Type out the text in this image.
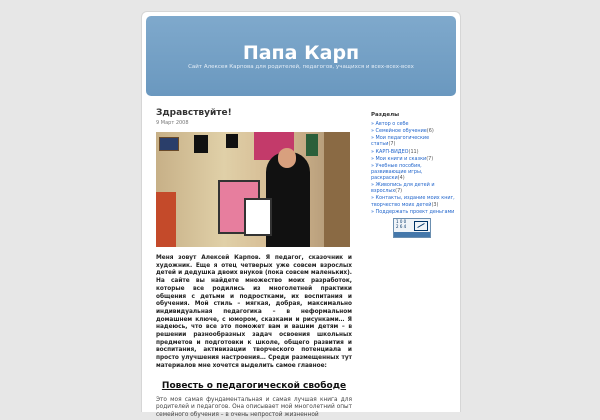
Папа Карп
Сайт Алексея Карпова для родителей, педагогов, учащихся и всех-всех-всех
Здравствуйте!
9 Март 2008
Меня зовут Алексей Карпов. Я педагог, сказочник и художник. Еще я отец четверых уже совсем взрослых детей и дедушка двоих внуков (пока совсем маленьких). На сайте вы найдете множество моих разработок, которые все родились из многолетней практики общения с детьми и подростками, их воспитания и обучения. Мой стиль – мягкая, добрая, максимально индивидуальная педагогика – в неформальном домашнем ключе, с юмором, сказками и рисунками… Я надеюсь, что все это поможет вам и вашим детям – в решении разнообразных задач освоения школьных предметов и подготовки к школе, общего развития и воспитания, активизации творческого потенциала и просто улучшения настроения… Среди размещенных тут материалов мне хочется выделить самое главное:
Повесть о педагогической свободе
Это моя самая фундаментальная и самая лучшая книга для родителей и педагогов. Она описывает мой многолетний опыт семейного обучения – в очень непростой жизненной
Разделы
» Автор о себе
» Семейное обучение(6)
» Мои педагогические статьи(7)
» КАРП-ВИДЕО(11)
» Мои книги и сказки(7)
» Учебные пособия, развивающие игры, раскраски(4)
» Живопись для детей и взрослых(7)
» Контакты, издание моих книг, творчество моих детей(3)
» Поддержать проект деньгами
1 0 0
2 6 4
